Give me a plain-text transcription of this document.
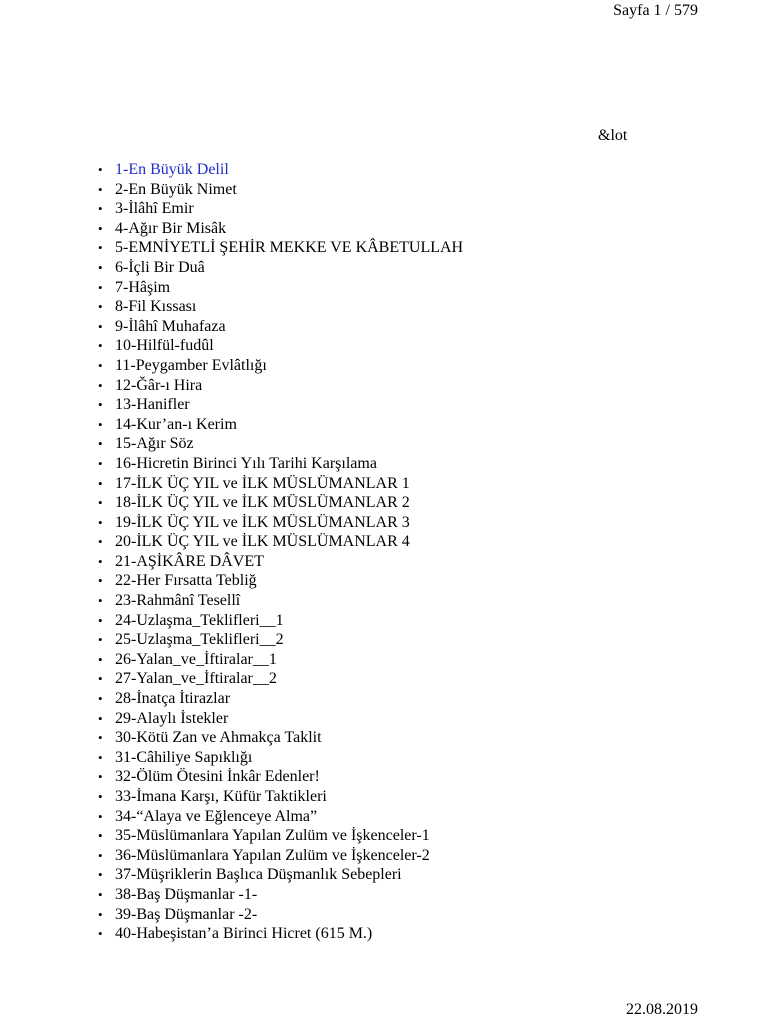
Sayfa 1 / 579
&lot
• 1-En Büyük Delil
• 2-En Büyük Nimet
• 3-İlâhî Emir
• 4-Ağır Bir Misâk
• 5-EMNİYETLİ ŞEHİR MEKKE VE KÂBETULLAH
• 6-İçli Bir Duâ
• 7-Hâşim
• 8-Fil Kıssası
• 9-İlâhî Muhafaza
• 10-Hilfül-fudûl
• 11-Peygamber Evlâtlığı
• 12-Ğâr-ı Hira
• 13-Hanifler
• 14-Kur’an-ı Kerim
• 15-Ağır Söz
• 16-Hicretin Birinci Yılı Tarihi Karşılama
• 17-İLK ÜÇ YIL ve İLK MÜSLÜMANLAR 1
• 18-İLK ÜÇ YIL ve İLK MÜSLÜMANLAR 2
• 19-İLK ÜÇ YIL ve İLK MÜSLÜMANLAR 3
• 20-İLK ÜÇ YIL ve İLK MÜSLÜMANLAR 4
• 21-AŞİKÂRE DÂVET
• 22-Her Fırsatta Tebliğ
• 23-Rahmânî Tesellî
• 24-Uzlaşma_Teklifleri__1
• 25-Uzlaşma_Teklifleri__2
• 26-Yalan_ve_İftiralar__1
• 27-Yalan_ve_İftiralar__2
• 28-İnatça İtirazlar
• 29-Alaylı İstekler
• 30-Kötü Zan ve Ahmakça Taklit
• 31-Câhiliye Sapıklığı
• 32-Ölüm Ötesini İnkâr Edenler!
• 33-İmana Karşı, Küfür Taktikleri
• 34-“Alaya ve Eğlenceye Alma”
• 35-Müslümanlara Yapılan Zulüm ve İşkenceler-1
• 36-Müslümanlara Yapılan Zulüm ve İşkenceler-2
• 37-Müşriklerin Başlıca Düşmanlık Sebepleri
• 38-Baş Düşmanlar -1-
• 39-Baş Düşmanlar -2-
• 40-Habeşistan’a Birinci Hicret (615 M.)
22.08.2019
